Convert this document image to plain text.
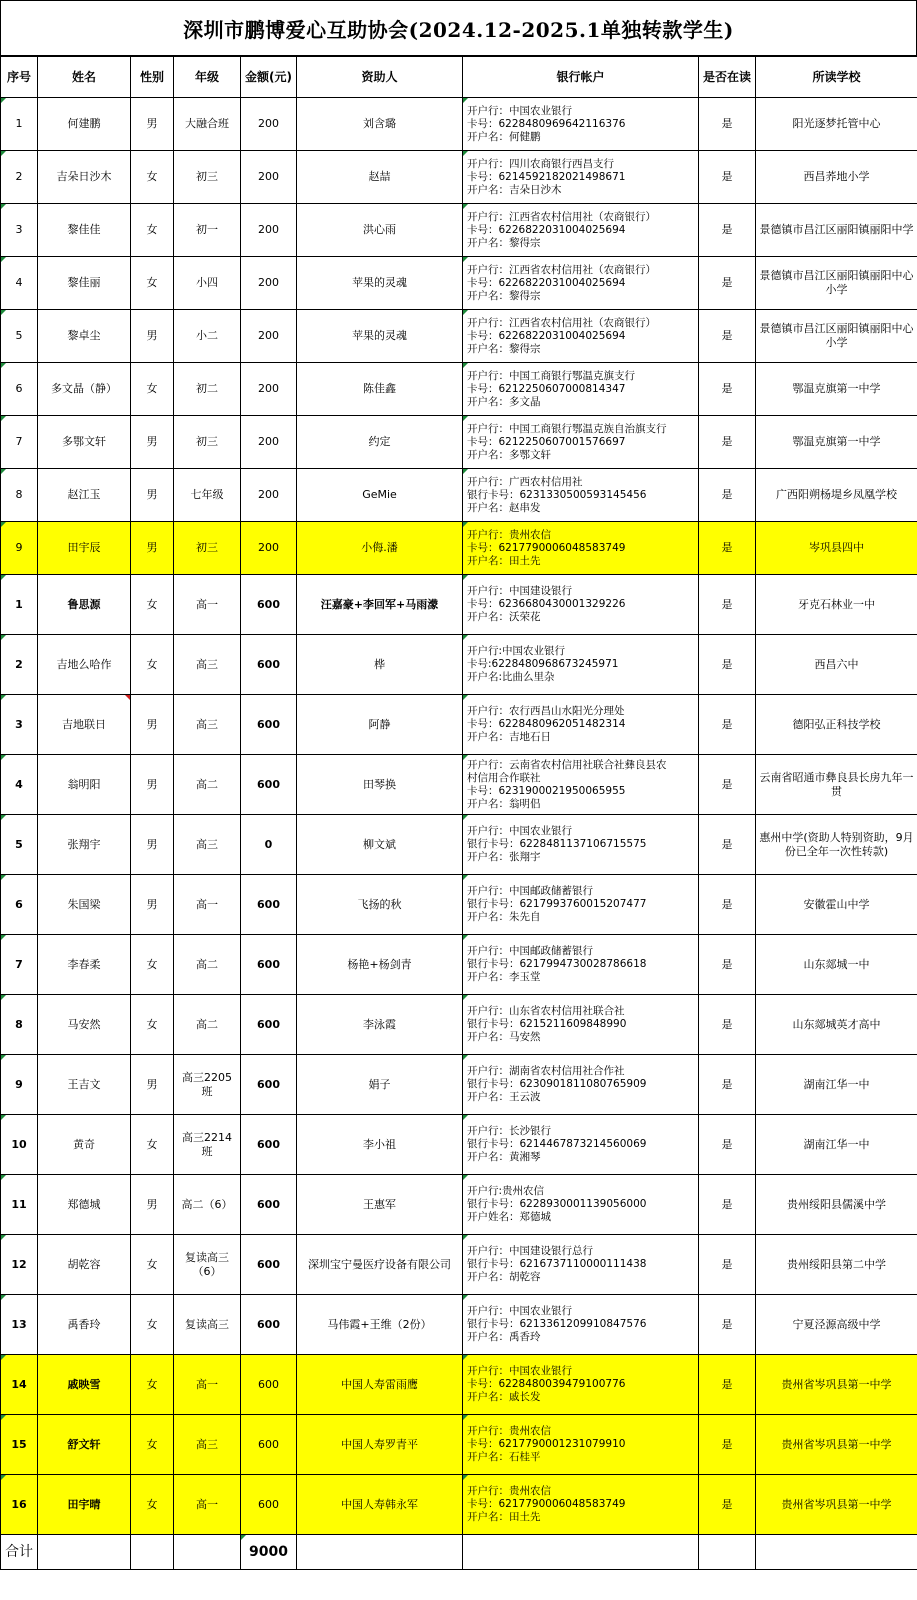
深圳市鹏博爱心互助协会(2024.12-2025.1单独转款学生)
序号	姓名	性别	年级	金额(元)	资助人	银行帐户	是否在读	所读学校
1	何建鹏	男	大融合班	200	刘含璐	开户行：中国农业银行
卡号：6228480969642116376
开户名：何健鹏	是	阳光逐梦托管中心
2	吉朵日沙木	女	初三	200	赵喆	开户行：四川农商银行西昌支行
卡号：6214592182021498671
开户名：吉朵日沙木	是	西昌荞地小学
3	黎佳佳	女	初一	200	洪心雨	开户行：江西省农村信用社（农商银行）
卡号：6226822031004025694
开户名：黎得宗	是	景德镇市昌江区丽阳镇丽阳中学
4	黎佳丽	女	小四	200	苹果的灵魂	开户行：江西省农村信用社（农商银行）
卡号：6226822031004025694
开户名：黎得宗	是	景德镇市昌江区丽阳镇丽阳中心小学
5	黎卓尘	男	小二	200	苹果的灵魂	开户行：江西省农村信用社（农商银行）
卡号：6226822031004025694
开户名：黎得宗	是	景德镇市昌江区丽阳镇丽阳中心小学
6	多文晶（静）	女	初二	200	陈佳鑫	开户行：中国工商银行鄂温克旗支行
卡号：6212250607000814347
开户名：多文晶	是	鄂温克旗第一中学
7	多鄂文轩	男	初三	200	约定	开户行：中国工商银行鄂温克族自治旗支行
卡号：6212250607001576697
开户名：多鄂文轩	是	鄂温克旗第一中学
8	赵江玉	男	七年级	200	GeMie	开户行：广西农村信用社
银行卡号：6231330500593145456
开户名：赵串发	是	广西阳朔杨堤乡凤凰学校
9	田宇辰	男	初三	200	小侮.潘	开户行：贵州农信
卡号：6217790006048583749
开户名：田土先	是	岑巩县四中
1	鲁思源	女	高一	600	汪嘉豪+李回军+马雨濛	开户行：中国建设银行
卡号：6236680430001329226
开户名：沃荣花	是	牙克石林业一中
2	吉地么哈作	女	高三	600	桦	开户行:中国农业银行
卡号:6228480968673245971
开户名:比曲么里杂	是	西昌六中
3	吉地联日	男	高三	600	阿静	开户行：农行西昌山水阳光分理处
卡号：6228480962051482314
开户名：吉地石日	是	德阳弘正科技学校
4	翁明阳	男	高二	600	田琴换	开户行：云南省农村信用社联合社彝良县农
村信用合作联社
卡号：6231900021950065955
开户名：翁明侣	是	云南省昭通市彝良县长房九年一贯
5	张翔宇	男	高三	0	柳文斌	开户行：中国农业银行
银行卡号：6228481137106715575
开户名：张翔宇	是	惠州中学(资助人特别资助，9月份已全年一次性转款)
6	朱国梁	男	高一	600	飞扬的秋	开户行：中国邮政储蓄银行
银行卡号：6217993760015207477
开户名：朱先自	是	安徽霍山中学
7	李春柔	女	高二	600	杨艳+杨剑青	开户行：中国邮政储蓄银行
银行卡号：6217994730028786618
开户名：李玉堂	是	山东郯城一中
8	马安然	女	高二	600	李泳霞	开户行：山东省农村信用社联合社
银行卡号：6215211609848990
开户名：马安然	是	山东郯城英才高中
9	王吉文	男	高三2205班	600	娟子	开户行：湖南省农村信用社合作社
银行卡号：6230901811080765909
开户名：王云波	是	湖南江华一中
10	黄奇	女	高三2214班	600	李小祖	开户行：长沙银行
银行卡号：6214467873214560069
开户名：黄湘琴	是	湖南江华一中
11	郑德城	男	高二（6）	600	王惠军	开户行:贵州农信
银行卡号：6228930001139056000
开户姓名：郑德城	是	贵州绥阳县儒溪中学
12	胡乾容	女	复读高三（6）	600	深圳宝宁曼医疗设备有限公司	开户行：中国建设银行总行
银行卡号：6216737110000111438
开户名：胡乾容	是	贵州绥阳县第二中学
13	禹香玲	女	复读高三	600	马伟霞+王维（2份）	开户行：中国农业银行
银行卡号：6213361209910847576
开户名：禹香玲	是	宁夏泾源高级中学
14	戚映雪	女	高一	600	中国人寿雷雨鹰	开户行：中国农业银行
卡号：6228480039479100776
开户名：戚长发	是	贵州省岑巩县第一中学
15	舒文轩	女	高三	600	中国人寿罗青平	开户行：贵州农信
卡号：6217790001231079910
开户名：石桂平	是	贵州省岑巩县第一中学
16	田宇晴	女	高一	600	中国人寿韩永军	开户行：贵州农信
卡号：6217790006048583749
开户名：田土先	是	贵州省岑巩县第一中学
合计				9000
